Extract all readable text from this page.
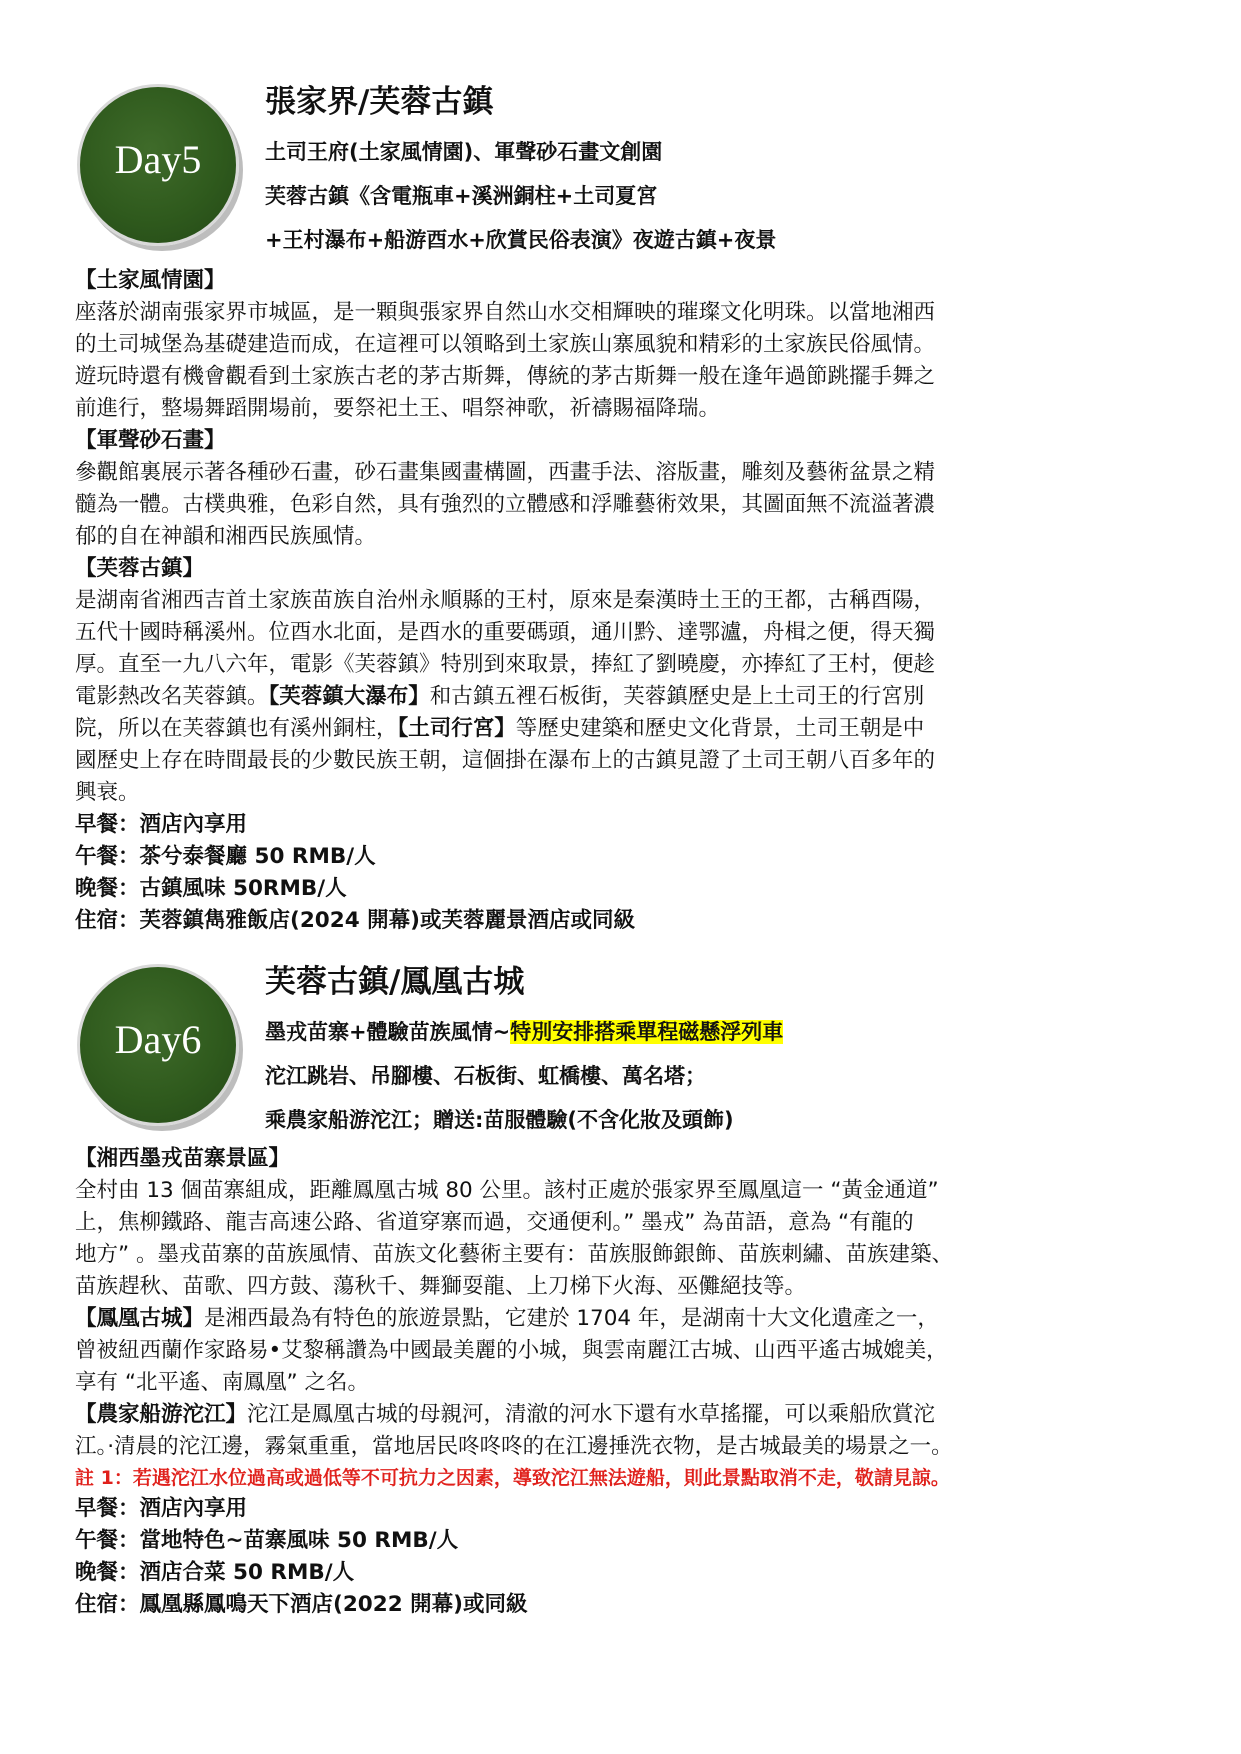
Day5
張家界/芙蓉古鎮
土司王府(土家風情園)、軍聲砂石畫文創園
芙蓉古鎮《含電瓶車+溪洲銅柱+土司夏宮
+王村瀑布+船游酉水+欣賞民俗表演》夜遊古鎮+夜景
【土家風情園】
座落於湖南張家界市城區，是一顆與張家界自然山水交相輝映的璀璨文化明珠。以當地湘西
的土司城堡為基礎建造而成，在這裡可以領略到土家族山寨風貌和精彩的土家族民俗風情。
遊玩時還有機會觀看到土家族古老的茅古斯舞，傳統的茅古斯舞一般在逢年過節跳擺手舞之
前進行，整場舞蹈開場前，要祭祀土王、唱祭神歌，祈禱賜福降瑞。
【軍聲砂石畫】
參觀館裏展示著各種砂石畫，砂石畫集國畫構圖，西畫手法、溶版畫，雕刻及藝術盆景之精
髓為一體。古樸典雅，色彩自然，具有強烈的立體感和浮雕藝術效果，其圖面無不流溢著濃
郁的自在神韻和湘西民族風情。
【芙蓉古鎮】
是湖南省湘西吉首土家族苗族自治州永順縣的王村，原來是秦漢時土王的王都，古稱酉陽，
五代十國時稱溪州。位酉水北面，是酉水的重要碼頭，通川黔、達鄂瀘，舟楫之便，得天獨
厚。直至一九八六年，電影《芙蓉鎮》特別到來取景，捧紅了劉曉慶，亦捧紅了王村，便趁
電影熱改名芙蓉鎮。【芙蓉鎮大瀑布】和古鎮五裡石板街，芙蓉鎮歷史是上土司王的行宮別
院，所以在芙蓉鎮也有溪州銅柱，【土司行宮】等歷史建築和歷史文化背景，土司王朝是中
國歷史上存在時間最長的少數民族王朝，這個掛在瀑布上的古鎮見證了土司王朝八百多年的
興衰。
早餐：酒店內享用
午餐：茶兮泰餐廳 50 RMB/人
晚餐：古鎮風味 50RMB/人
住宿：芙蓉鎮雋雅飯店(2024 開幕)或芙蓉麗景酒店或同級
Day6
芙蓉古鎮/鳳凰古城
墨戎苗寨+體驗苗族風情~特別安排搭乘單程磁懸浮列車
沱江跳岩、吊腳樓、石板街、虹橋樓、萬名塔；
乘農家船游沱江；贈送:苗服體驗(不含化妝及頭飾)
【湘西墨戎苗寨景區】
全村由 13 個苗寨組成，距離鳳凰古城 80 公里。該村正處於張家界至鳳凰這一 “黃金通道”
上，焦柳鐵路、龍吉高速公路、省道穿寨而過，交通便利。” 墨戎” 為苗語，意為 “有龍的
地方” 。墨戎苗寨的苗族風情、苗族文化藝術主要有：苗族服飾銀飾、苗族刺繡、苗族建築、
苗族趕秋、苗歌、四方鼓、蕩秋千、舞獅耍龍、上刀梯下火海、巫儺絕技等。
【鳳凰古城】是湘西最為有特色的旅遊景點，它建於 1704 年，是湖南十大文化遺產之一，
曾被紐西蘭作家路易•艾黎稱讚為中國最美麗的小城，與雲南麗江古城、山西平遙古城媲美，
享有 “北平遙、南鳳凰” 之名。
【農家船游沱江】沱江是鳳凰古城的母親河，清澈的河水下還有水草搖擺，可以乘船欣賞沱
江。·清晨的沱江邊，霧氣重重，當地居民咚咚咚的在江邊捶洗衣物，是古城最美的場景之一。
註 1：若遇沱江水位過高或過低等不可抗力之因素，導致沱江無法遊船，則此景點取消不走，敬請見諒。
早餐：酒店內享用
午餐：當地特色~苗寨風味 50 RMB/人
晚餐：酒店合菜 50 RMB/人
住宿：鳳凰縣鳳鳴天下酒店(2022 開幕)或同級
